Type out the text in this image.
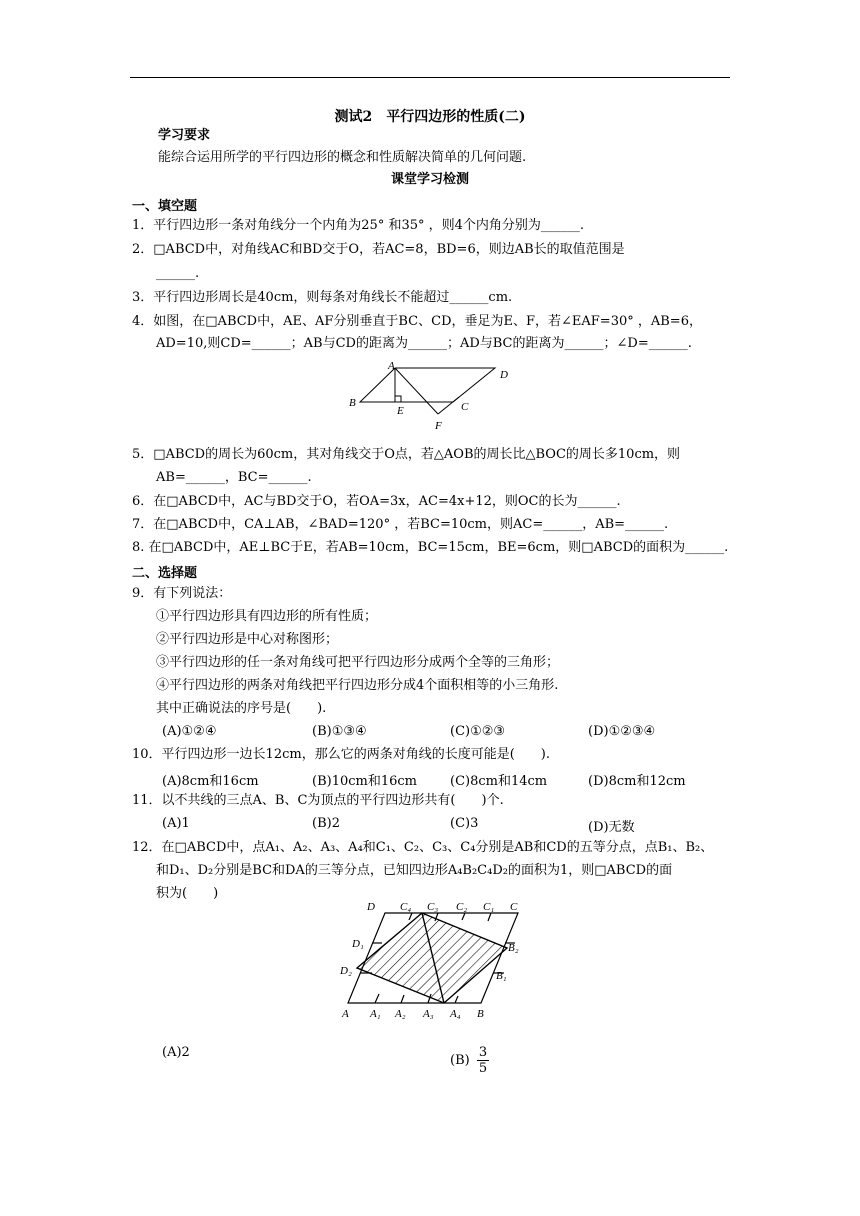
测试2　平行四边形的性质(二)
学习要求
能综合运用所学的平行四边形的概念和性质解决简单的几何问题.
课堂学习检测
一、填空题
1．平行四边形一条对角线分一个内角为25° 和35° ，则4个内角分别为______.
2．□ABCD中，对角线AC和BD交于O，若AC=8，BD=6，则边AB长的取值范围是
______.
3．平行四边形周长是40cm，则每条对角线长不能超过______cm.
4．如图，在□ABCD中，AE、AF分别垂直于BC、CD，垂足为E、F，若∠EAF=30° ，AB=6，
AD=10,则CD=______；AB与CD的距离为______；AD与BC的距离为______；∠D=______.
A
D
B
E	C
F
5．□ABCD的周长为60cm，其对角线交于O点，若△AOB的周长比△BOC的周长多10cm，则
AB=______，BC=______.
6．在□ABCD中，AC与BD交于O，若OA=3x，AC=4x+12，则OC的长为______.
7．在□ABCD中，CA⊥AB，∠BAD=120° ，若BC=10cm，则AC=______，AB=______.
8. 在□ABCD中，AE⊥BC于E，若AB=10cm，BC=15cm，BE=6cm，则□ABCD的面积为______.
二、选择题
9．有下列说法：
①平行四边形具有四边形的所有性质；
②平行四边形是中心对称图形；
③平行四边形的任一条对角线可把平行四边形分成两个全等的三角形；
④平行四边形的两条对角线把平行四边形分成4个面积相等的小三角形.
其中正确说法的序号是(　　).
(A)①②④	(B)①③④	(C)①②③	(D)①②③④
10．平行四边形一边长12cm，那么它的两条对角线的长度可能是(　　).
(A)8cm和16cm	(B)10cm和16cm	(C)8cm和14cm	(D)8cm和12cm
11．以不共线的三点A、B、C为顶点的平行四边形共有(　　)个.
(A)1	(B)2	(C)3	(D)无数
12．在□ABCD中，点A₁、A₂、A₃、A₄和C₁、C₂、C₃、C₄分别是AB和CD的五等分点，点B₁、B₂、
和D₁、D₂分别是BC和DA的三等分点，已知四边形A₄B₂C₄D₂的面积为1，则□ABCD的面
积为(　　)
D C₄ C₃ C₂ C₁ C
A A₁ A₂ A₃ A₄ B
D₁
D₂
B₂
B₁
(A)2
$(B) \frac{3}{5}$
